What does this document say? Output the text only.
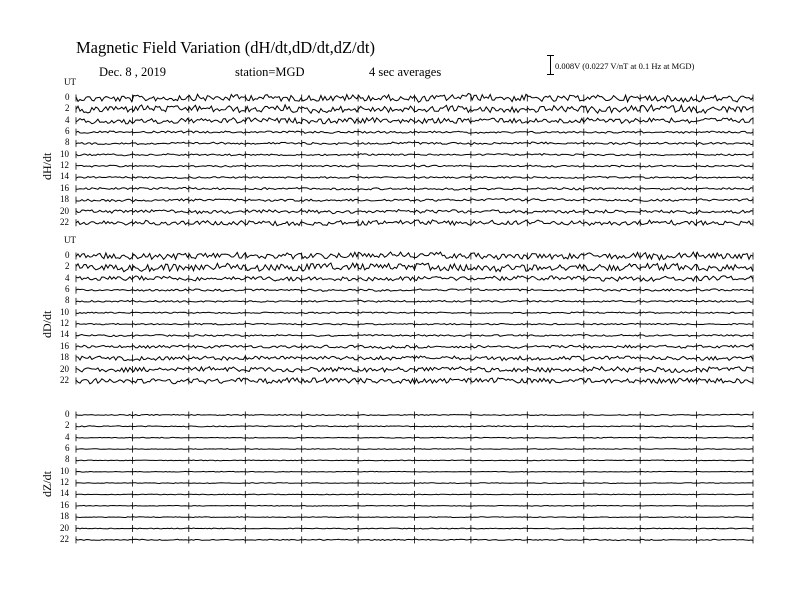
Magnetic Field Variation (dH/dt,dD/dt,dZ/dt)
Dec. 8 , 2019	station=MGD	4 sec averages	0.008V (0.0227 V/nT at 0.1 Hz at MGD)
UT
dH/dt
0
2
4
6
8
10
12
14
16
18
20
22
UT
dD/dt
0
2
4
6
8
10
12
14
16
18
20
22
dZ/dt
0
2
4
6
8
10
12
14
16
18
20
22
